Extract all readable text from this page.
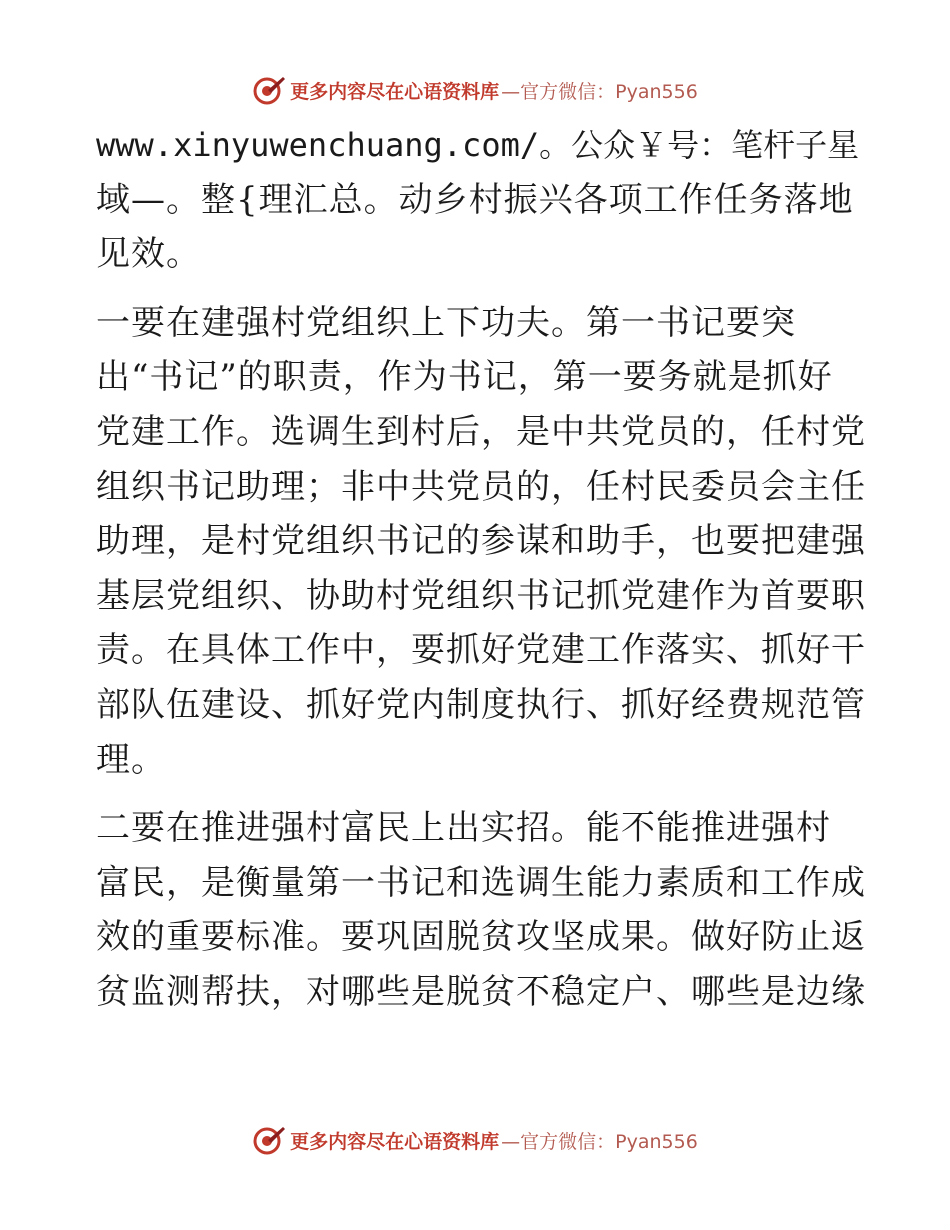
更多内容尽在心语资料库 —官方微信：Pyan556

www.xinyuwenchuang.com/。公众￥号：笔杆子星
域—。整{理汇总。动乡村振兴各项工作任务落地
见效。

一要在建强村党组织上下功夫。第一书记要突
出“书记”的职责，作为书记，第一要务就是抓好
党建工作。选调生到村后，是中共党员的，任村党
组织书记助理；非中共党员的，任村民委员会主任
助理，是村党组织书记的参谋和助手，也要把建强
基层党组织、协助村党组织书记抓党建作为首要职
责。在具体工作中，要抓好党建工作落实、抓好干
部队伍建设、抓好党内制度执行、抓好经费规范管
理。

二要在推进强村富民上出实招。能不能推进强村
富民，是衡量第一书记和选调生能力素质和工作成
效的重要标准。要巩固脱贫攻坚成果。做好防止返
贫监测帮扶，对哪些是脱贫不稳定户、哪些是边缘

更多内容尽在心语资料库 —官方微信：Pyan556
